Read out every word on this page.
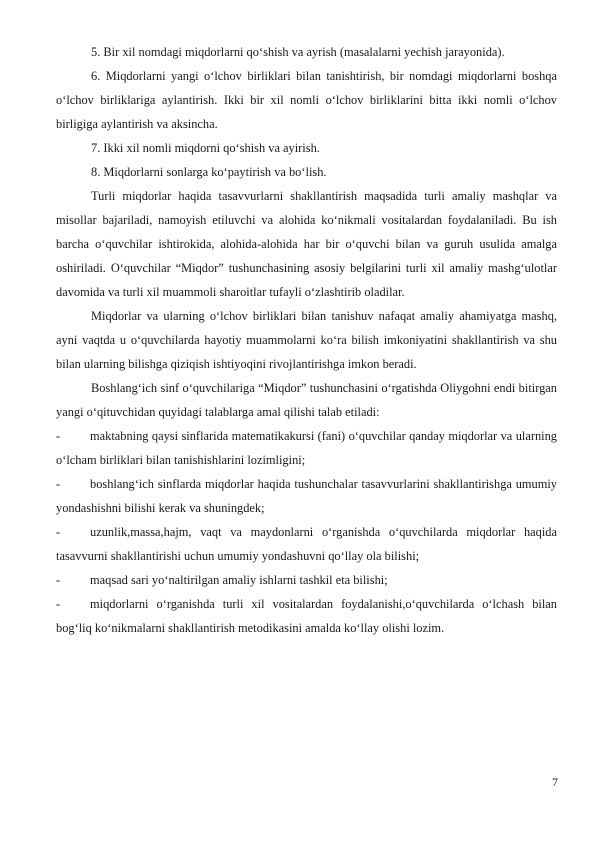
5. Bir xil nomdagi miqdorlarni qo‘shish va ayrish (masalalarni yechish jarayonida).

6. Miqdorlarni yangi o‘lchov birliklari bilan tanishtirish, bir nomdagi miqdorlarni boshqa o‘lchov birliklariga aylantirish. Ikki bir xil nomli o‘lchov birliklarini bitta ikki nomli o‘lchov birligiga aylantirish va aksincha.

7. Ikki xil nomli miqdorni qo‘shish va ayirish.

8. Miqdorlarni sonlarga ko‘paytirish va bo‘lish.

Turli miqdorlar haqida tasavvurlarni shakllantirish maqsadida turli amaliy mashqlar va misollar bajariladi, namoyish etiluvchi va alohida ko‘nikmali vositalardan foydalaniladi. Bu ish barcha o‘quvchilar ishtirokida, alohida-alohida har bir o‘quvchi bilan va guruh usulida amalga oshiriladi. O‘quvchilar “Miqdor” tushunchasining asosiy belgilarini turli xil amaliy mashg‘ulotlar davomida va turli xil muammoli sharoitlar tufayli o‘zlashtirib oladilar.

Miqdorlar va ularning o‘lchov birliklari bilan tanishuv nafaqat amaliy ahamiyatga mashq, ayni vaqtda u o‘quvchilarda hayotiy muammolarni ko‘ra bilish imkoniyatini shakllantirish va shu bilan ularning bilishga qiziqish ishtiyoqini rivojlantirishga imkon beradi.

Boshlang‘ich sinf o‘quvchilariga “Miqdor” tushunchasini o‘rgatishda Oliygohni endi bitirgan yangi o‘qituvchidan quyidagi talablarga amal qilishi talab etiladi:

- maktabning qaysi sinflarida matematikakursi (fani) o‘quvchilar qanday miqdorlar va ularning o‘lcham birliklari bilan tanishishlarini lozimligini;

- boshlang‘ich sinflarda miqdorlar haqida tushunchalar tasavvurlarini shakllantirishga umumiy yondashishni bilishi kerak va shuningdek;

- uzunlik,massa,hajm, vaqt va maydonlarni o‘rganishda o‘quvchilarda miqdorlar haqida tasavvurni shakllantirishi uchun umumiy yondashuvni qo‘llay ola bilishi;

- maqsad sari yo‘naltirilgan amaliy ishlarni tashkil eta bilishi;

- miqdorlarni o‘rganishda turli xil vositalardan foydalanishi,o‘quvchilarda o‘lchash bilan bog‘liq ko‘nikmalarni shakllantirish metodikasini amalda ko‘llay olishi lozim.

7
